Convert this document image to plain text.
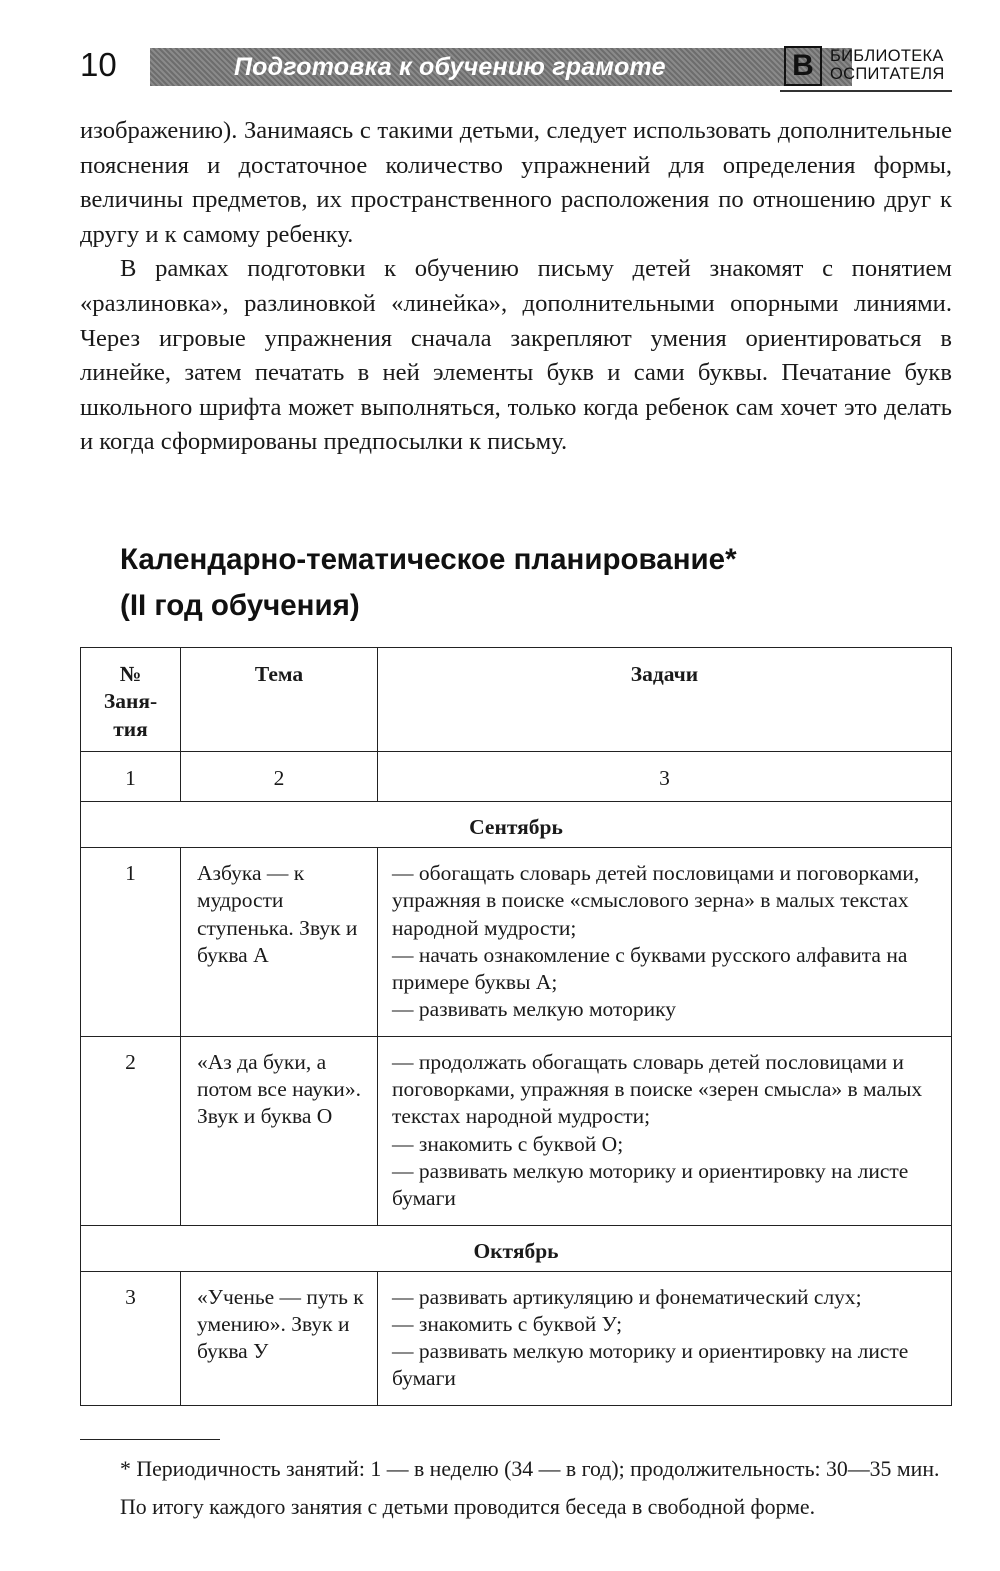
10	Подготовка к обучению грамоте	В БИБЛИОТЕКА
ОСПИТАТЕЛЯ

изображению). Занимаясь с такими детьми, следует использовать дополнительные пояснения и достаточное количество упражнений для определения формы, величины предметов, их пространственного расположения по отношению друг к другу и к самому ребенку.

В рамках подготовки к обучению письму детей знакомят с понятием «разлиновка», разлиновкой «линейка», дополнительными опорными линиями. Через игровые упражнения сначала закрепляют умения ориентироваться в линейке, затем печатать в ней элементы букв и сами буквы. Печатание букв школьного шрифта может выполняться, только когда ребенок сам хочет это делать и когда сформированы предпосылки к письму.

Календарно-тематическое планирование*
(II год обучения)
№ Заня-тия	Тема	Задачи
1	2	3
Сентябрь		
1	Азбука — к мудрости ступенька. Звук и буква А	— обогащать словарь детей пословицами и поговорками, упражняя в поиске «смыслового зерна» в малых текстах народной мудрости;
— начать ознакомление с буквами русского алфавита на примере буквы А;
— развивать мелкую моторику

2	«Аз да буки, а потом все науки». Звук и буква О	— продолжать обогащать словарь детей пословицами и поговорками, упражняя в поиске «зерен смысла» в малых текстах народной мудрости;
— знакомить с буквой О;
— развивать мелкую моторику и ориентировку на листе бумаги

Октябрь		
3	«Ученье — путь к умению». Звук и буква У	— развивать артикуляцию и фонематический слух;
— знакомить с буквой У;
— развивать мелкую моторику и ориентировку на листе бумаги

* Периодичность занятий: 1 — в неделю (34 — в год); продолжительность: 30—35 мин.

По итогу каждого занятия с детьми проводится беседа в свободной форме.
